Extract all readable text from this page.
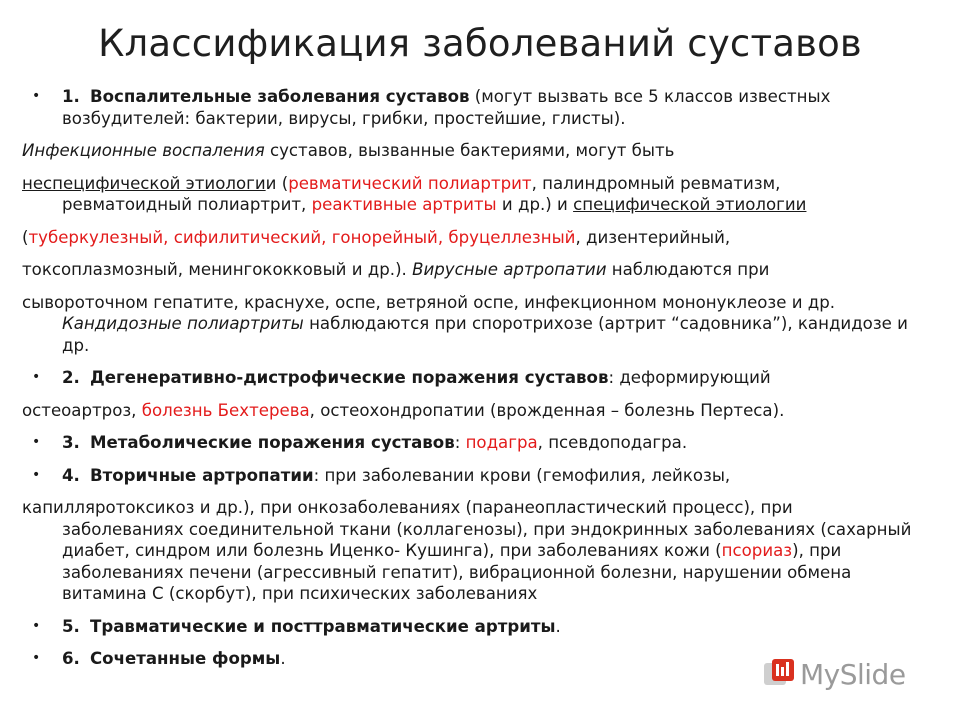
Классификация заболеваний суставов
• 1. Воспалительные заболевания суставов (могут вызвать все 5 классов известных возбудителей: бактерии, вирусы, грибки, простейшие, глисты).
Инфекционные воспаления суставов, вызванные бактериями, могут быть
неспецифической этиологии (ревматический полиартрит, палиндромный ревматизм,
ревматоидный полиартрит, реактивные артриты и др.) и специфической этиологии
(туберкулезный, сифилитический, гонорейный, бруцеллезный, дизентерийный,
токсоплазмозный, менингококковый и др.). Вирусные артропатии наблюдаются при
сывороточном гепатите, краснухе, оспе, ветряной оспе, инфекционном мононуклеозе и др.
Кандидозные полиартриты наблюдаются при споротрихозе (артрит “садовника”), кандидозе и др.
• 2. Дегенеративно-дистрофические поражения суставов: деформирующий
остеоартроз, болезнь Бехтерева, остеохондропатии (врожденная – болезнь Пертеса).
• 3. Метаболические поражения суставов: подагра, псевдоподагра.
• 4. Вторичные артропатии: при заболевании крови (гемофилия, лейкозы,
капилляротоксикоз и др.), при онкозаболеваниях (паранеопластический процесс), при
заболеваниях соединительной ткани (коллагенозы), при эндокринных заболеваниях (сахарный диабет, синдром или болезнь Иценко- Кушинга), при заболеваниях кожи (псориаз), при заболеваниях печени (агрессивный гепатит), вибрационной болезни, нарушении обмена витамина С (скорбут), при психических заболеваниях
• 5. Травматические и посттравматические артриты.
• 6. Сочетанные формы.	MySlide
